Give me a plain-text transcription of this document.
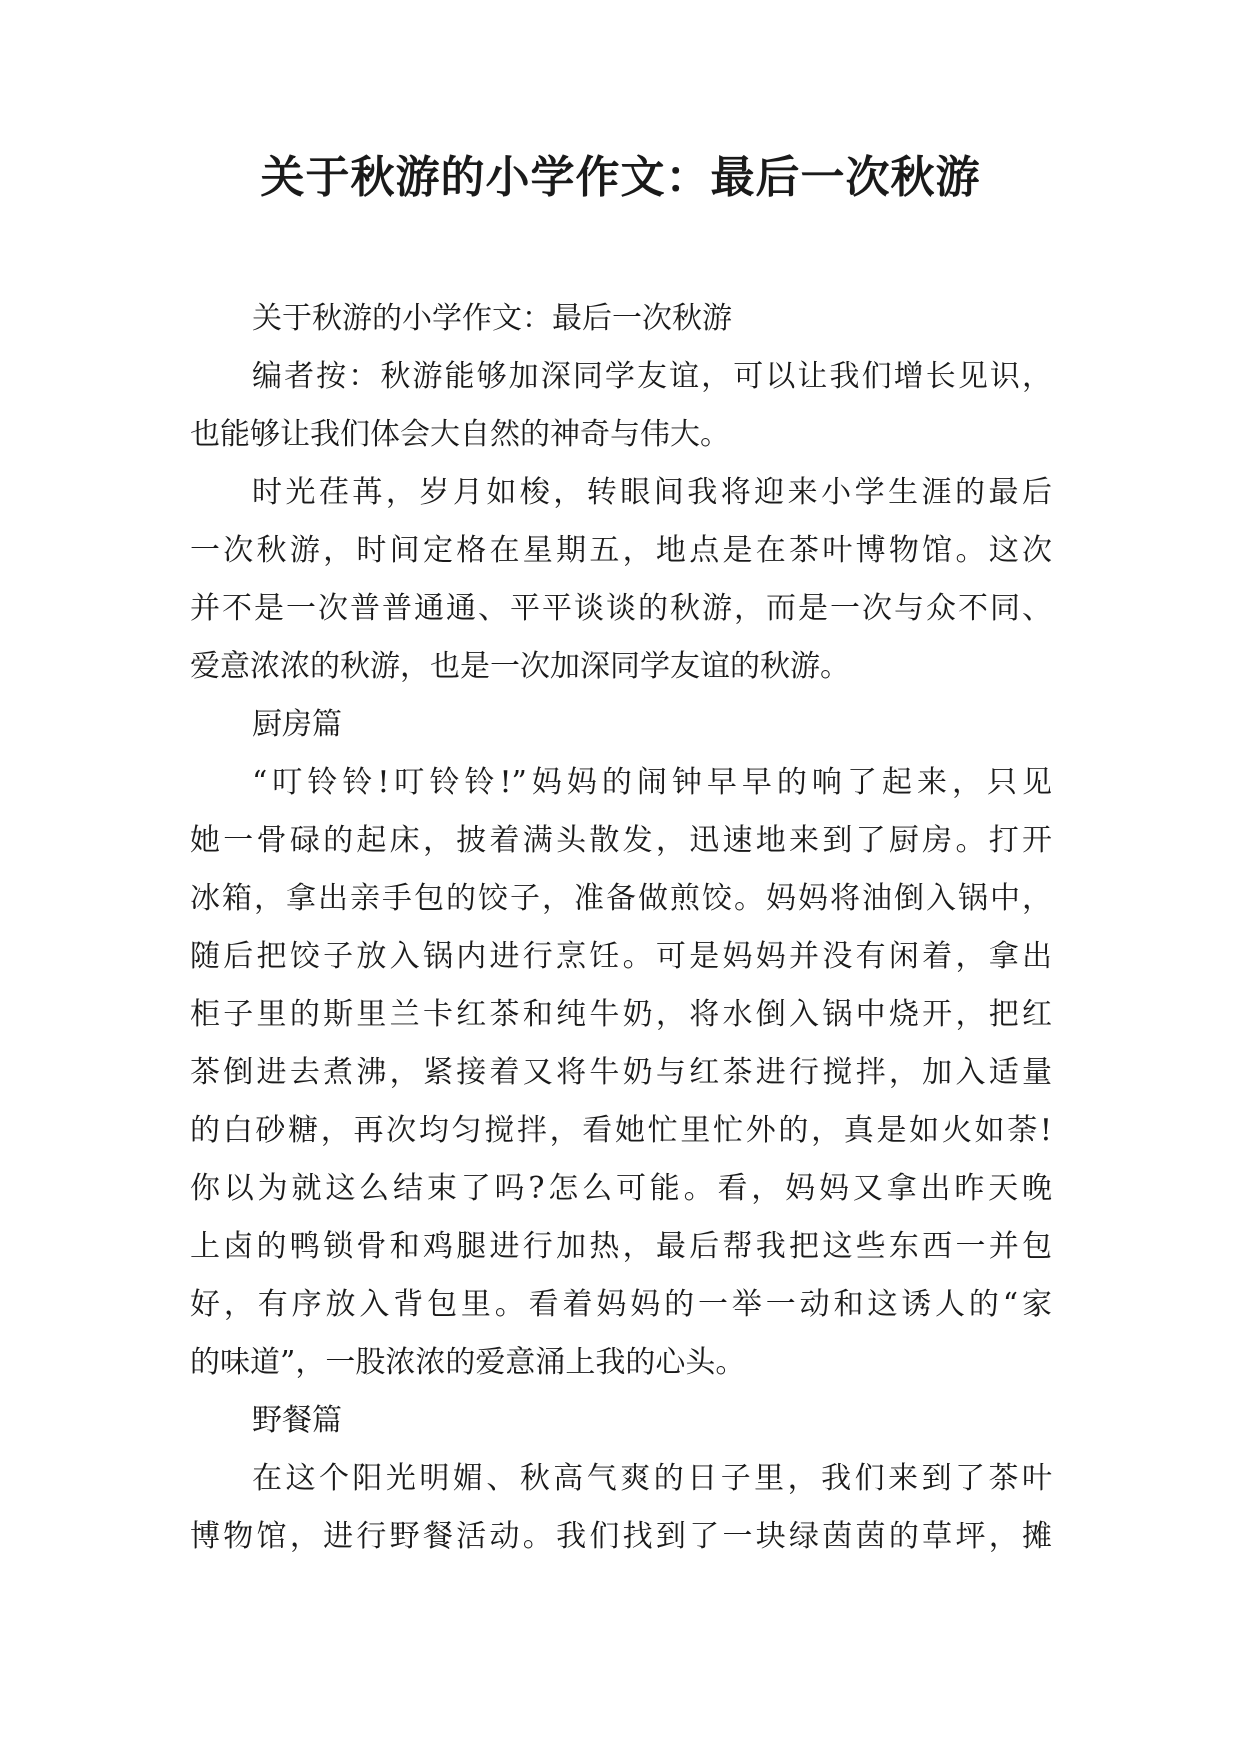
关于秋游的小学作文：最后一次秋游
关于秋游的小学作文：最后一次秋游
编者按：秋游能够加深同学友谊，可以让我们增长见识，
也能够让我们体会大自然的神奇与伟大。
时光荏苒，岁月如梭，转眼间我将迎来小学生涯的最后
一次秋游，时间定格在星期五，地点是在茶叶博物馆。这次
并不是一次普普通通、平平谈谈的秋游，而是一次与众不同、
爱意浓浓的秋游，也是一次加深同学友谊的秋游。
厨房篇
“叮铃铃!叮铃铃!”妈妈的闹钟早早的响了起来，只见
她一骨碌的起床，披着满头散发，迅速地来到了厨房。打开
冰箱，拿出亲手包的饺子，准备做煎饺。妈妈将油倒入锅中，
随后把饺子放入锅内进行烹饪。可是妈妈并没有闲着，拿出
柜子里的斯里兰卡红茶和纯牛奶，将水倒入锅中烧开，把红
茶倒进去煮沸，紧接着又将牛奶与红茶进行搅拌，加入适量
的白砂糖，再次均匀搅拌，看她忙里忙外的，真是如火如荼!
你以为就这么结束了吗?怎么可能。看，妈妈又拿出昨天晚
上卤的鸭锁骨和鸡腿进行加热，最后帮我把这些东西一并包
好，有序放入背包里。看着妈妈的一举一动和这诱人的“家
的味道”，一股浓浓的爱意涌上我的心头。
野餐篇
在这个阳光明媚、秋高气爽的日子里，我们来到了茶叶
博物馆，进行野餐活动。我们找到了一块绿茵茵的草坪，摊
